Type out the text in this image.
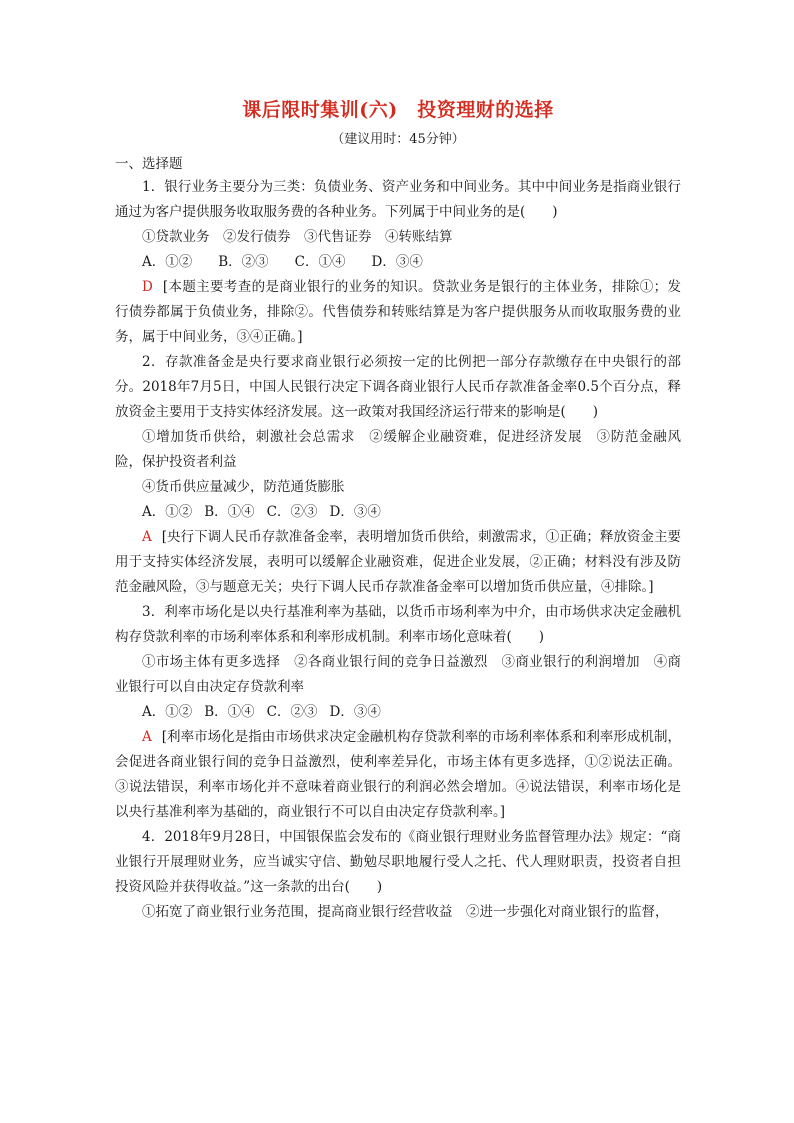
课后限时集训(六)　投资理财的选择
（建议用时：45分钟）
一、选择题

1．银行业务主要分为三类：负债业务、资产业务和中间业务。其中中间业务是指商业银行通过为客户提供服务收取服务费的各种业务。下列属于中间业务的是(　　)

①贷款业务　②发行债券　③代售证券　④转账结算

A．①② B．②③ C．①④ D．③④

D [本题主要考查的是商业银行的业务的知识。贷款业务是银行的主体业务，排除①；发行债券都属于负债业务，排除②。代售债券和转账结算是为客户提供服务从而收取服务费的业务，属于中间业务，③④正确。]

2．存款准备金是央行要求商业银行必须按一定的比例把一部分存款缴存在中央银行的部分。2018年7月5日，中国人民银行决定下调各商业银行人民币存款准备金率0.5个百分点，释放资金主要用于支持实体经济发展。这一政策对我国经济运行带来的影响是(　　)

①增加货币供给，刺激社会总需求　②缓解企业融资难，促进经济发展　③防范金融风险，保护投资者利益

④货币供应量减少，防范通货膨胀

A．①② B．①④ C．②③ D．③④

A [央行下调人民币存款准备金率，表明增加货币供给，刺激需求，①正确；释放资金主要用于支持实体经济发展，表明可以缓解企业融资难，促进企业发展，②正确；材料没有涉及防范金融风险，③与题意无关；央行下调人民币存款准备金率可以增加货币供应量，④排除。]

3．利率市场化是以央行基准利率为基础，以货币市场利率为中介，由市场供求决定金融机构存贷款利率的市场利率体系和利率形成机制。利率市场化意味着(　　)

①市场主体有更多选择　②各商业银行间的竞争日益激烈　③商业银行的利润增加　④商业银行可以自由决定存贷款利率

A．①② B．①④ C．②③ D．③④

A [利率市场化是指由市场供求决定金融机构存贷款利率的市场利率体系和利率形成机制，会促进各商业银行间的竞争日益激烈，使利率差异化，市场主体有更多选择，①②说法正确。③说法错误，利率市场化并不意味着商业银行的利润必然会增加。④说法错误，利率市场化是以央行基准利率为基础的，商业银行不可以自由决定存贷款利率。]

4．2018年9月28日，中国银保监会发布的《商业银行理财业务监督管理办法》规定：“商业银行开展理财业务，应当诚实守信、勤勉尽职地履行受人之托、代人理财职责，投资者自担投资风险并获得收益。”这一条款的出台(　　)

①拓宽了商业银行业务范围，提高商业银行经营收益　②进一步强化对商业银行的监督，
